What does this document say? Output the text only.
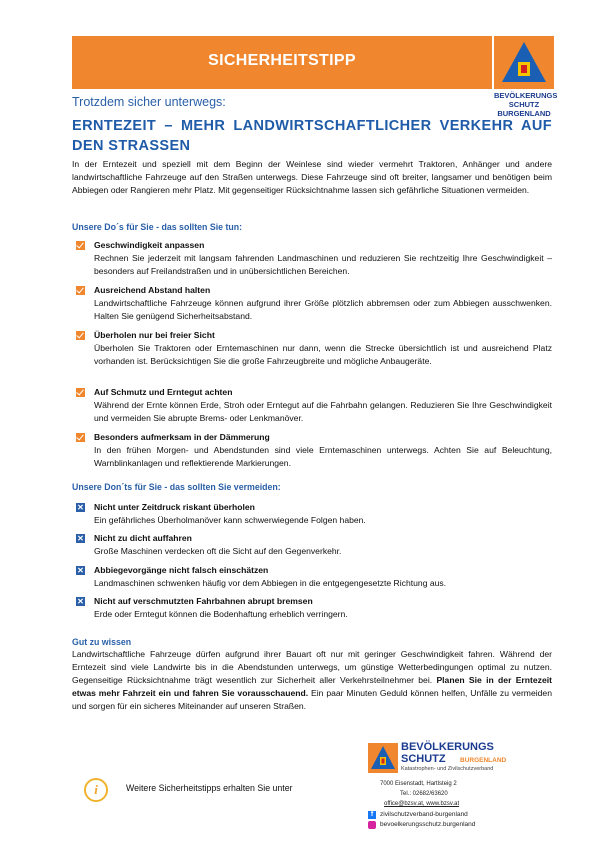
SICHERHEITSTIPP
BEVÖLKERUNGS
SCHUTZ BURGENLAND
Trotzdem sicher unterwegs:
ERNTEZEIT – MEHR LANDWIRTSCHAFTLICHER VERKEHR AUF DEN STRASSEN
In der Erntezeit und speziell mit dem Beginn der Weinlese sind wieder vermehrt Traktoren, Anhänger und andere landwirtschaftliche Fahrzeuge auf den Straßen unterwegs. Diese Fahrzeuge sind oft breiter, langsamer und benötigen beim Abbiegen oder Rangieren mehr Platz. Mit gegenseitiger Rücksichtnahme lassen sich gefährliche Situationen vermeiden.
Unsere Do´s für Sie - das sollten Sie tun:
Geschwindigkeit anpassen
Rechnen Sie jederzeit mit langsam fahrenden Landmaschinen und reduzieren Sie rechtzeitig Ihre Geschwindigkeit – besonders auf Freilandstraßen und in unübersichtlichen Bereichen.
Ausreichend Abstand halten
Landwirtschaftliche Fahrzeuge können aufgrund ihrer Größe plötzlich abbremsen oder zum Abbiegen ausschwenken. Halten Sie genügend Sicherheitsabstand.
Überholen nur bei freier Sicht
Überholen Sie Traktoren oder Erntemaschinen nur dann, wenn die Strecke übersichtlich ist und ausreichend Platz vorhanden ist. Berücksichtigen Sie die große Fahrzeugbreite und mögliche Anbaugeräte.
Auf Schmutz und Erntegut achten
Während der Ernte können Erde, Stroh oder Erntegut auf die Fahrbahn gelangen. Reduzieren Sie Ihre Geschwindigkeit und vermeiden Sie abrupte Brems- oder Lenkmanöver.
Besonders aufmerksam in der Dämmerung
In den frühen Morgen- und Abendstunden sind viele Erntemaschinen unterwegs. Achten Sie auf Beleuchtung, Warnblinkanlagen und reflektierende Markierungen.
Unsere Don´ts für Sie - das sollten Sie vermeiden:
✕ Nicht unter Zeitdruck riskant überholen
Ein gefährliches Überholmanöver kann schwerwiegende Folgen haben.
✕ Nicht zu dicht auffahren
Große Maschinen verdecken oft die Sicht auf den Gegenverkehr.
✕ Abbiegevorgänge nicht falsch einschätzen
Landmaschinen schwenken häufig vor dem Abbiegen in die entgegengesetzte Richtung aus.
✕ Nicht auf verschmutzten Fahrbahnen abrupt bremsen
Erde oder Erntegut können die Bodenhaftung erheblich verringern.
Gut zu wissen
Landwirtschaftliche Fahrzeuge dürfen aufgrund ihrer Bauart oft nur mit geringer Geschwindigkeit fahren. Während der Erntezeit sind viele Landwirte bis in die Abendstunden unterwegs, um günstige Wetterbedingungen optimal zu nutzen. Gegenseitige Rücksichtnahme trägt wesentlich zur Sicherheit aller Verkehrsteilnehmer bei. Planen Sie in der Erntezeit etwas mehr Fahrzeit ein und fahren Sie vorausschauend. Ein paar Minuten Geduld können helfen, Unfälle zu vermeiden und sorgen für ein sicheres Miteinander auf unseren Straßen.
i	Weitere Sicherheitstipps erhalten Sie unter
BEVÖLKERUNGS
SCHUTZ BURGENLAND
Katastrophen- und Zivilschutzverband
7000 Eisenstadt, Hartlsteig 2
Tel.: 02682/63620
office@bzsv.at, www.bzsv.at
f	zivilschutzverband-burgenland
bevoelkerungsschutz.burgenland
